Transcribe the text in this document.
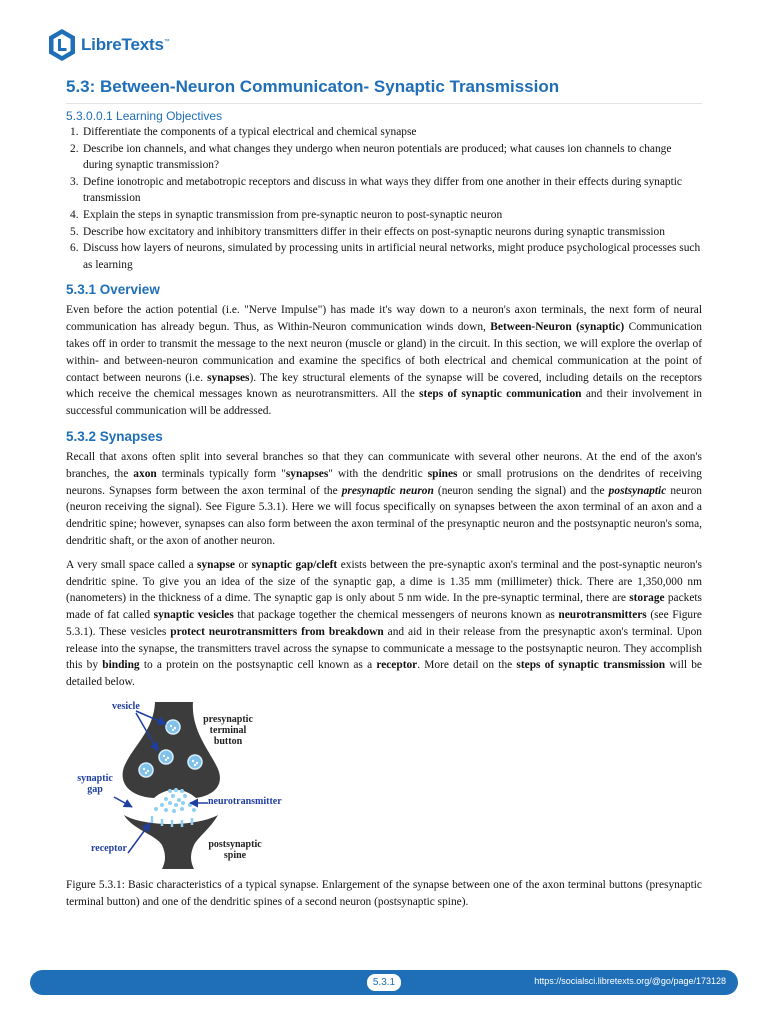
LibreTexts ™
5.3: Between-Neuron Communicaton- Synaptic Transmission
5.3.0.0.1 Learning Objectives
1. Differentiate the components of a typical electrical and chemical synapse
2. Describe ion channels, and what changes they undergo when neuron potentials are produced; what causes ion channels to change during synaptic transmission?
3. Define ionotropic and metabotropic receptors and discuss in what ways they differ from one another in their effects during synaptic transmission
4. Explain the steps in synaptic transmission from pre-synaptic neuron to post-synaptic neuron
5. Describe how excitatory and inhibitory transmitters differ in their effects on post-synaptic neurons during synaptic transmission
6. Discuss how layers of neurons, simulated by processing units in artificial neural networks, might produce psychological processes such as learning
5.3.1 Overview

Even before the action potential (i.e. "Nerve Impulse") has made it's way down to a neuron's axon terminals, the next form of neural communication has already begun. Thus, as Within-Neuron communication winds down, Between-Neuron (synaptic) Communication takes off in order to transmit the message to the next neuron (muscle or gland) in the circuit. In this section, we will explore the overlap of within- and between-neuron communication and examine the specifics of both electrical and chemical communication at the point of contact between neurons (i.e. synapses). The key structural elements of the synapse will be covered, including details on the receptors which receive the chemical messages known as neurotransmitters. All the steps of synaptic communication and their involvement in successful communication will be addressed.

5.3.2 Synapses

Recall that axons often split into several branches so that they can communicate with several other neurons. At the end of the axon's branches, the axon terminals typically form "synapses" with the dendritic spines or small protrusions on the dendrites of receiving neurons. Synapses form between the axon terminal of the presynaptic neuron (neuron sending the signal) and the postsynaptic neuron (neuron receiving the signal). See Figure 5.3.1). Here we will focus specifically on synapses between the axon terminal of an axon and a dendritic spine; however, synapses can also form between the axon terminal of the presynaptic neuron and the postsynaptic neuron's soma, dendritic shaft, or the axon of another neuron.

A very small space called a synapse or synaptic gap/cleft exists between the pre-synaptic axon's terminal and the post-synaptic neuron's dendritic spine. To give you an idea of the size of the synaptic gap, a dime is 1.35 mm (millimeter) thick. There are 1,350,000 nm (nanometers) in the thickness of a dime. The synaptic gap is only about 5 nm wide. In the pre-synaptic terminal, there are storage packets made of fat called synaptic vesicles that package together the chemical messengers of neurons known as neurotransmitters (see Figure 5.3.1). These vesicles protect neurotransmitters from breakdown and aid in their release from the presynaptic axon's terminal. Upon release into the synapse, the transmitters travel across the synapse to communicate a message to the postsynaptic neuron. They accomplish this by binding to a protein on the postsynaptic cell known as a receptor. More detail on the steps of synaptic transmission will be detailed below.

vesicle
presynaptic terminal button
synaptic gap
neurotransmitter
receptor	postsynaptic spine

Figure 5.3.1: Basic characteristics of a typical synapse. Enlargement of the synapse between one of the axon terminal buttons (presynaptic terminal button) and one of the dendritic spines of a second neuron (postsynaptic spine).

5.3.1	https://socialsci.libretexts.org/@go/page/173128
